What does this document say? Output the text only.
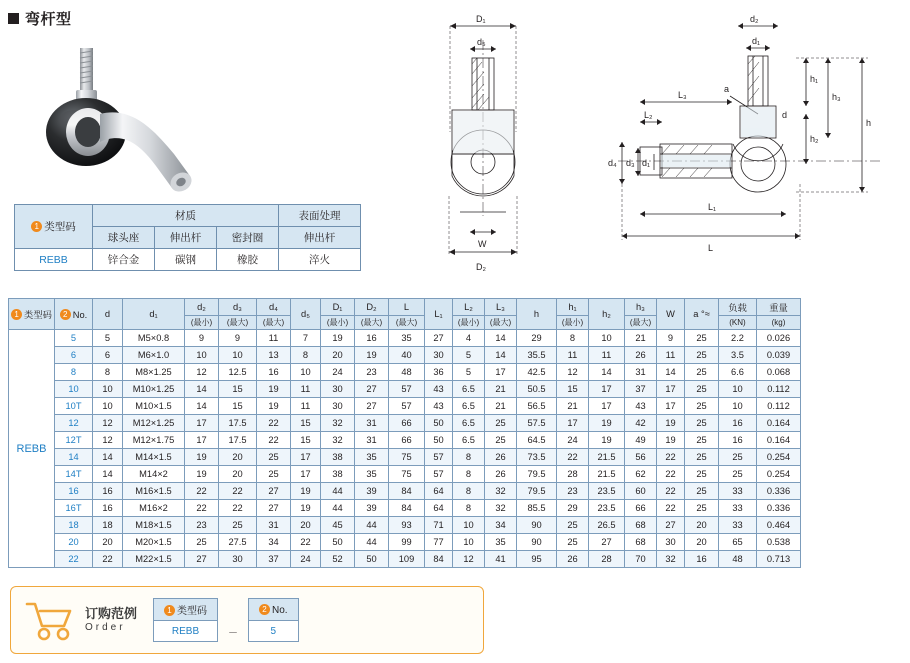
弯杆型
1 类型码	材质			表面处理
	球头座	伸出杆	密封圈	伸出杆
REBB	锌合金	碳钢	橡胶	淬火
D₁
d₅
W
D₂
d₂
d₁
h₁
h₃
h
h₂
a
d
L₃
L₂
d₄ d₃ d₁
L₁
L
1 类型码	2 No.	d	d₁	d₂	d₃	d₄	d₅	D₁	D₂	L	L₁	L₂	L₃	h	h₁	h₂	h₃	W	a °≈	负载	重量
				(最小)	(最大)	(最大)		(最小)	(最大)	(最大)		(最小)	(最大)		(最小)		(最大)			(KN)	(kg)
REBB	5	5	M5×0.8	9	9	11	7	19	16	35	27	4	14	29	8	10	21	9	25	2.2	0.026
	6	6	M6×1.0	10	10	13	8	20	19	40	30	5	14	35.5	11	11	26	11	25	3.5	0.039
	8	8	M8×1.25	12	12.5	16	10	24	23	48	36	5	17	42.5	12	14	31	14	25	6.6	0.068
	10	10	M10×1.25	14	15	19	11	30	27	57	43	6.5	21	50.5	15	17	37	17	25	10	0.112
	10T	10	M10×1.5	14	15	19	11	30	27	57	43	6.5	21	56.5	21	17	43	17	25	10	0.112
	12	12	M12×1.25	17	17.5	22	15	32	31	66	50	6.5	25	57.5	17	19	42	19	25	16	0.164
	12T	12	M12×1.75	17	17.5	22	15	32	31	66	50	6.5	25	64.5	24	19	49	19	25	16	0.164
	14	14	M14×1.5	19	20	25	17	38	35	75	57	8	26	73.5	22	21.5	56	22	25	25	0.254
	14T	14	M14×2	19	20	25	17	38	35	75	57	8	26	79.5	28	21.5	62	22	25	25	0.254
	16	16	M16×1.5	22	22	27	19	44	39	84	64	8	32	79.5	23	23.5	60	22	25	33	0.336
	16T	16	M16×2	22	22	27	19	44	39	84	64	8	32	85.5	29	23.5	66	22	25	33	0.336
	18	18	M18×1.5	23	25	31	20	45	44	93	71	10	34	90	25	26.5	68	27	20	33	0.464
	20	20	M20×1.5	25	27.5	34	22	50	44	99	77	10	35	90	25	27	68	30	20	65	0.538
	22	22	M22×1.5	27	30	37	24	52	50	109	84	12	41	95	26	28	70	32	16	48	0.713
订购范例
Order
1 类型码		2 No.
REBB	－	5
